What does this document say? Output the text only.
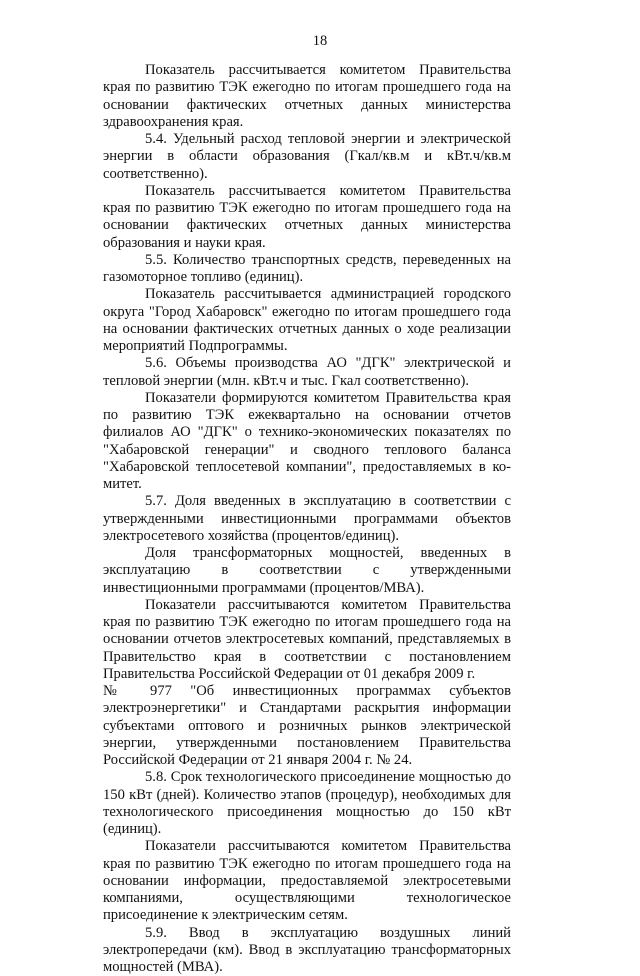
18

Показатель рассчитывается комитетом Правительства края по развитию ТЭК ежегодно по итогам прошедшего года на основании фактических отчетных данных министерства здравоохранения края.

5.4. Удельный расход тепловой энергии и электрической энергии в области образования (Гкал/кв.м и кВт.ч/кв.м соответственно).

Показатель рассчитывается комитетом Правительства края по развитию ТЭК ежегодно по итогам прошедшего года на основании фактических отчетных данных министерства образования и науки края.

5.5. Количество транспортных средств, переведенных на газомоторное топливо (единиц).

Показатель рассчитывается администрацией городского округа "Город Хабаровск" ежегодно по итогам прошедшего года на основании фактических отчетных данных о ходе реализации мероприятий Подпрограммы.

5.6. Объемы производства АО "ДГК" электрической и тепловой энергии (млн. кВт.ч и тыс. Гкал соответственно).

Показатели формируются комитетом Правительства края по развитию ТЭК ежеквартально на основании отчетов филиалов АО "ДГК" о технико-экономических показателях по "Хабаровской генерации" и сводного теплового баланса "Хабаровской теплосетевой компании", предоставляемых в комитет.

5.7. Доля введенных в эксплуатацию в соответствии с утвержденными инвестиционными программами объектов электросетевого хозяйства (процентов/единиц).

Доля трансформаторных мощностей, введенных в эксплуатацию в соответствии с утвержденными инвестиционными программами (процентов/МВА).

Показатели рассчитываются комитетом Правительства края по развитию ТЭК ежегодно по итогам прошедшего года на основании отчетов электросетевых компаний, представляемых в Правительство края в соответствии с постановлением Правительства Российской Федерации от 01 декабря 2009 г.

№ 977 "Об инвестиционных программах субъектов электроэнергетики" и Стандартами раскрытия информации субъектами оптового и розничных рынков электрической энергии, утвержденными постановлением Правительства Российской Федерации от 21 января 2004 г. № 24.

5.8. Срок технологического присоединение мощностью до 150 кВт (дней). Количество этапов (процедур), необходимых для технологического присоединения мощностью до 150 кВт (единиц).

Показатели рассчитываются комитетом Правительства края по развитию ТЭК ежегодно по итогам прошедшего года на основании информации, предоставляемой электросетевыми компаниями, осуществляющими технологическое присоединение к электрическим сетям.

5.9. Ввод в эксплуатацию воздушных линий электропередачи (км). Ввод в эксплуатацию трансформаторных мощностей (МВА).
